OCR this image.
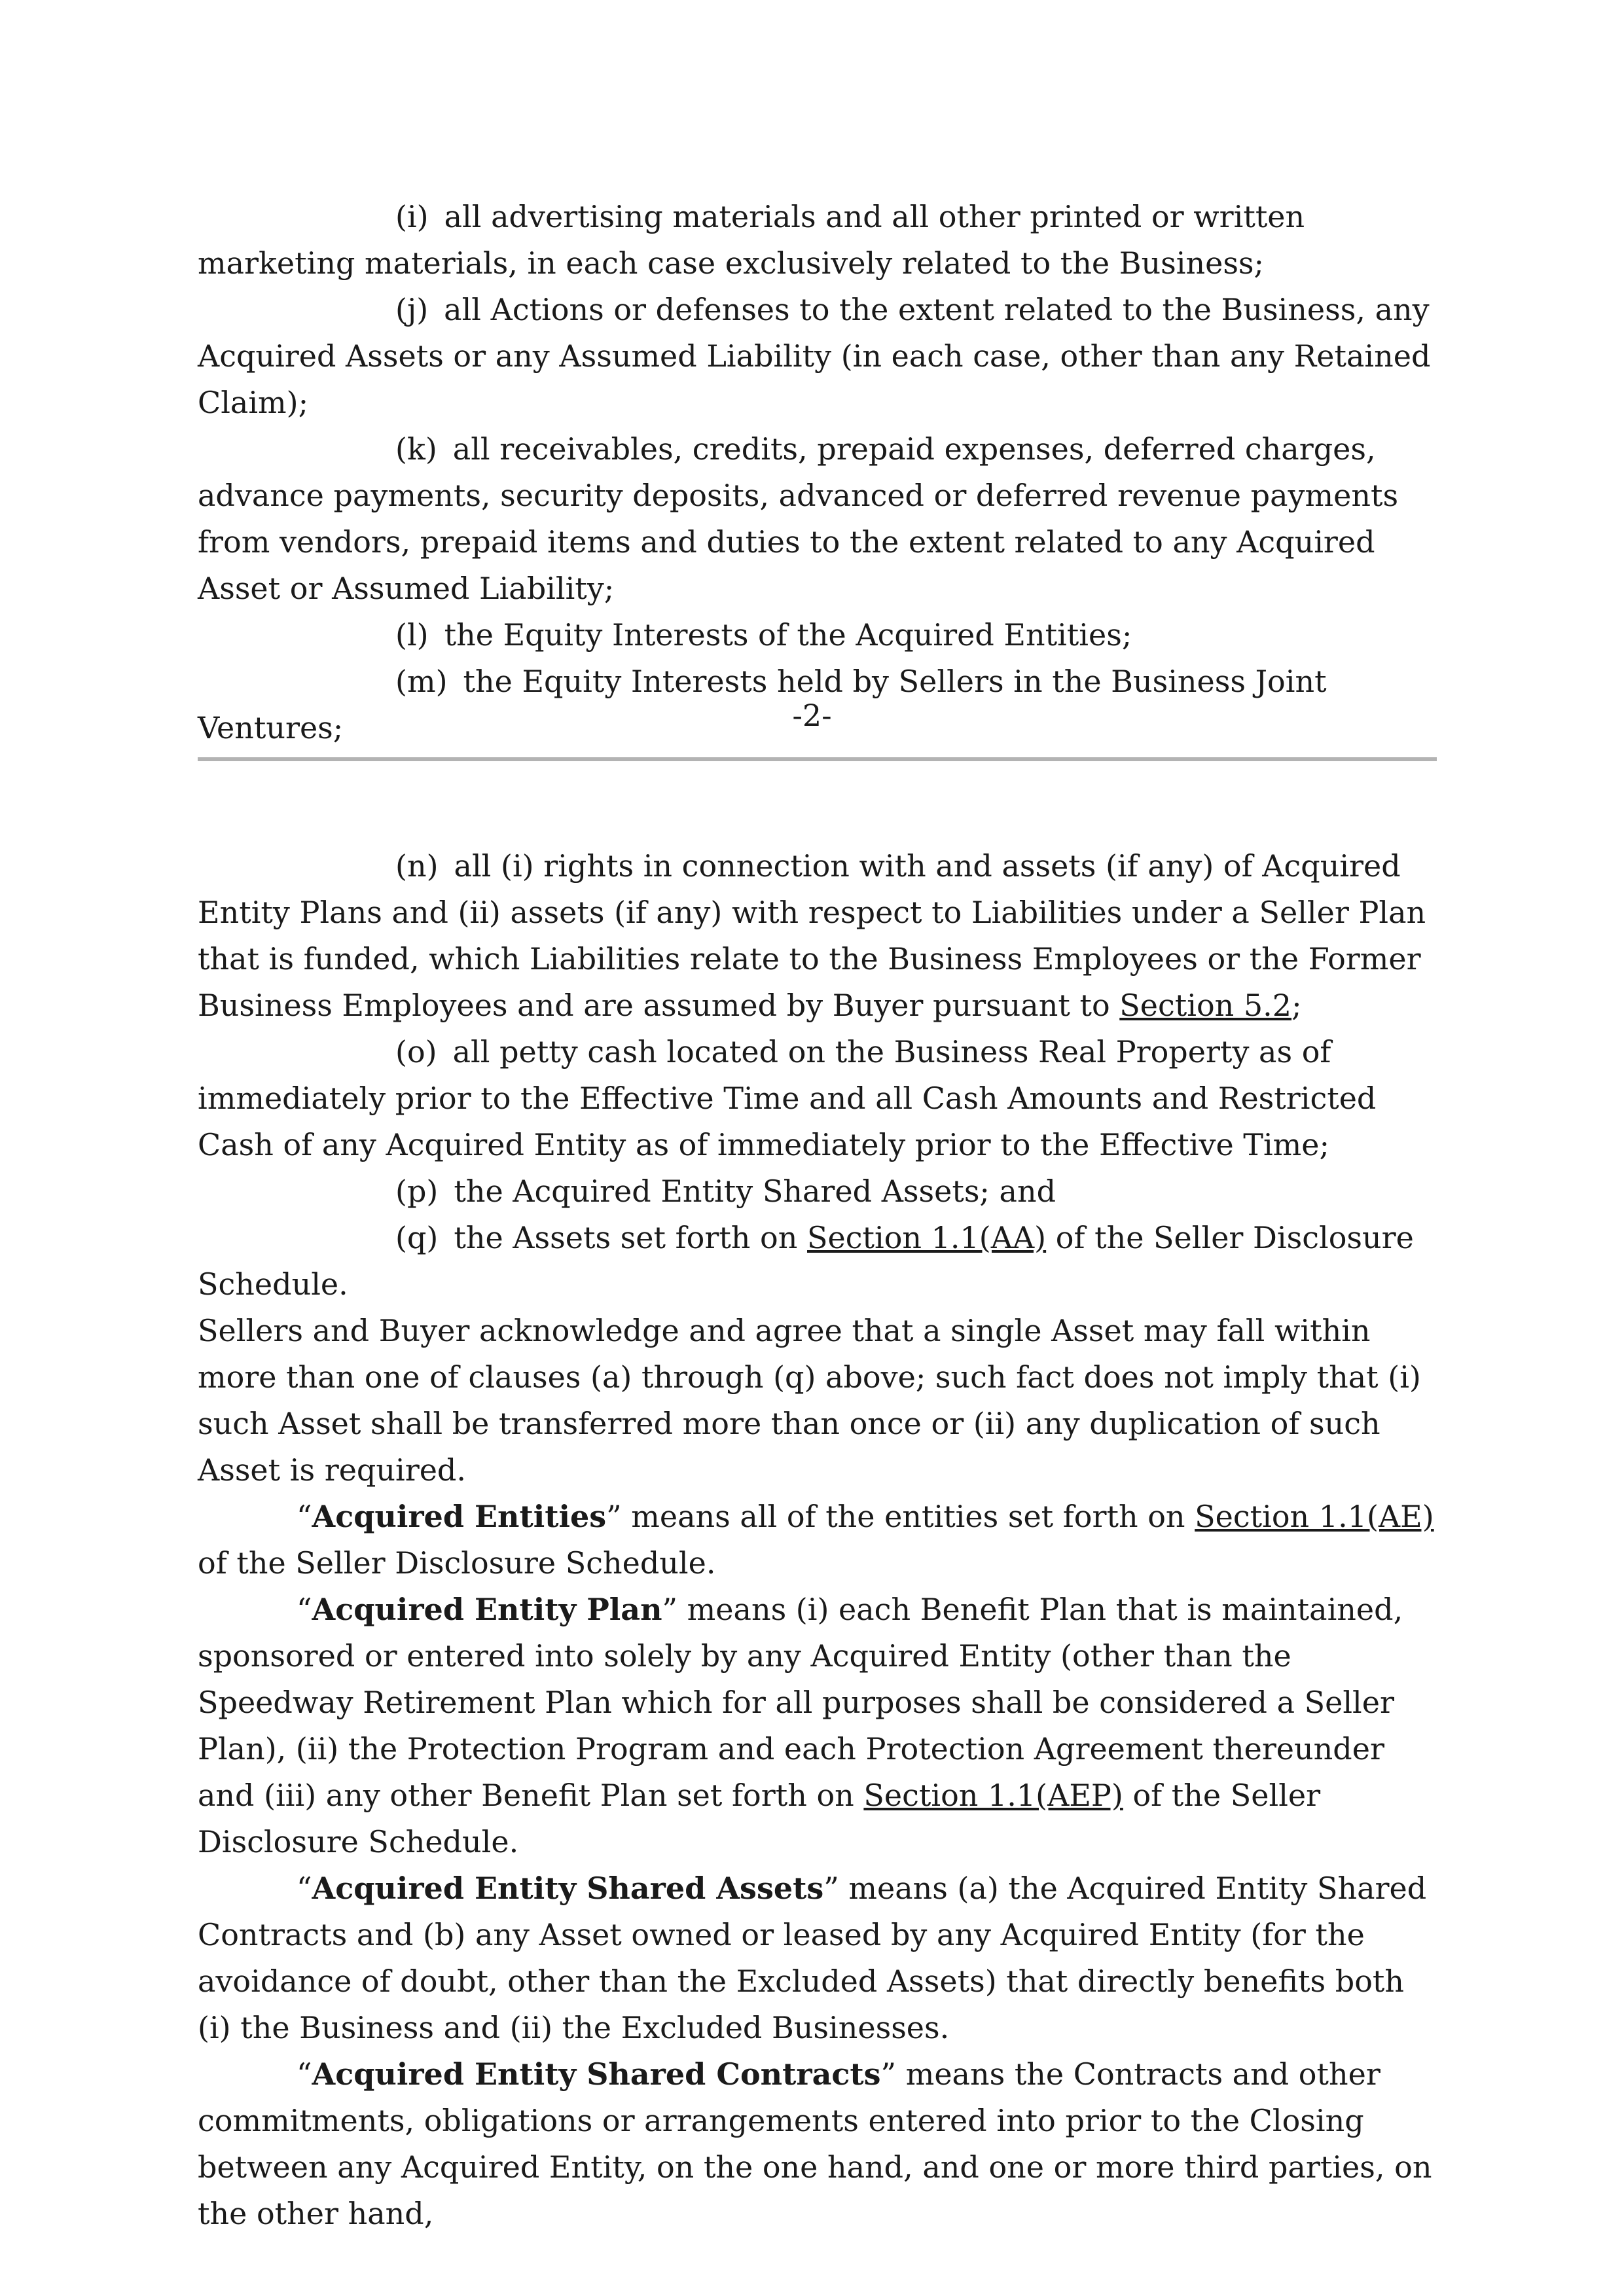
(i) all advertising materials and all other printed or written marketing materials, in each case exclusively related to the Business;

(j) all Actions or defenses to the extent related to the Business, any Acquired Assets or any Assumed Liability (in each case, other than any Retained Claim);

(k) all receivables, credits, prepaid expenses, deferred charges, advance payments, security deposits, advanced or deferred revenue payments from vendors, prepaid items and duties to the extent related to any Acquired Asset or Assumed Liability;

(l) the Equity Interests of the Acquired Entities;

(m) the Equity Interests held by Sellers in the Business Joint Ventures;	-2-

(n) all (i) rights in connection with and assets (if any) of Acquired Entity Plans and (ii) assets (if any) with respect to Liabilities under a Seller Plan that is funded, which Liabilities relate to the Business Employees or the Former Business Employees and are assumed by Buyer pursuant to Section 5.2;

(o) all petty cash located on the Business Real Property as of immediately prior to the Effective Time and all Cash Amounts and Restricted Cash of any Acquired Entity as of immediately prior to the Effective Time;

(p) the Acquired Entity Shared Assets; and

(q) the Assets set forth on Section 1.1(AA) of the Seller Disclosure Schedule.

Sellers and Buyer acknowledge and agree that a single Asset may fall within more than one of clauses (a) through (q) above; such fact does not imply that (i) such Asset shall be transferred more than once or (ii) any duplication of such Asset is required.

“Acquired Entities” means all of the entities set forth on Section 1.1(AE) of the Seller Disclosure Schedule.

“Acquired Entity Plan” means (i) each Benefit Plan that is maintained, sponsored or entered into solely by any Acquired Entity (other than the Speedway Retirement Plan which for all purposes shall be considered a Seller Plan), (ii) the Protection Program and each Protection Agreement thereunder and (iii) any other Benefit Plan set forth on Section 1.1(AEP) of the Seller Disclosure Schedule.

“Acquired Entity Shared Assets” means (a) the Acquired Entity Shared Contracts and (b) any Asset owned or leased by any Acquired Entity (for the avoidance of doubt, other than the Excluded Assets) that directly benefits both (i) the Business and (ii) the Excluded Businesses.

“Acquired Entity Shared Contracts” means the Contracts and other commitments, obligations or arrangements entered into prior to the Closing between any Acquired Entity, on the one hand, and one or more third parties, on the other hand,
